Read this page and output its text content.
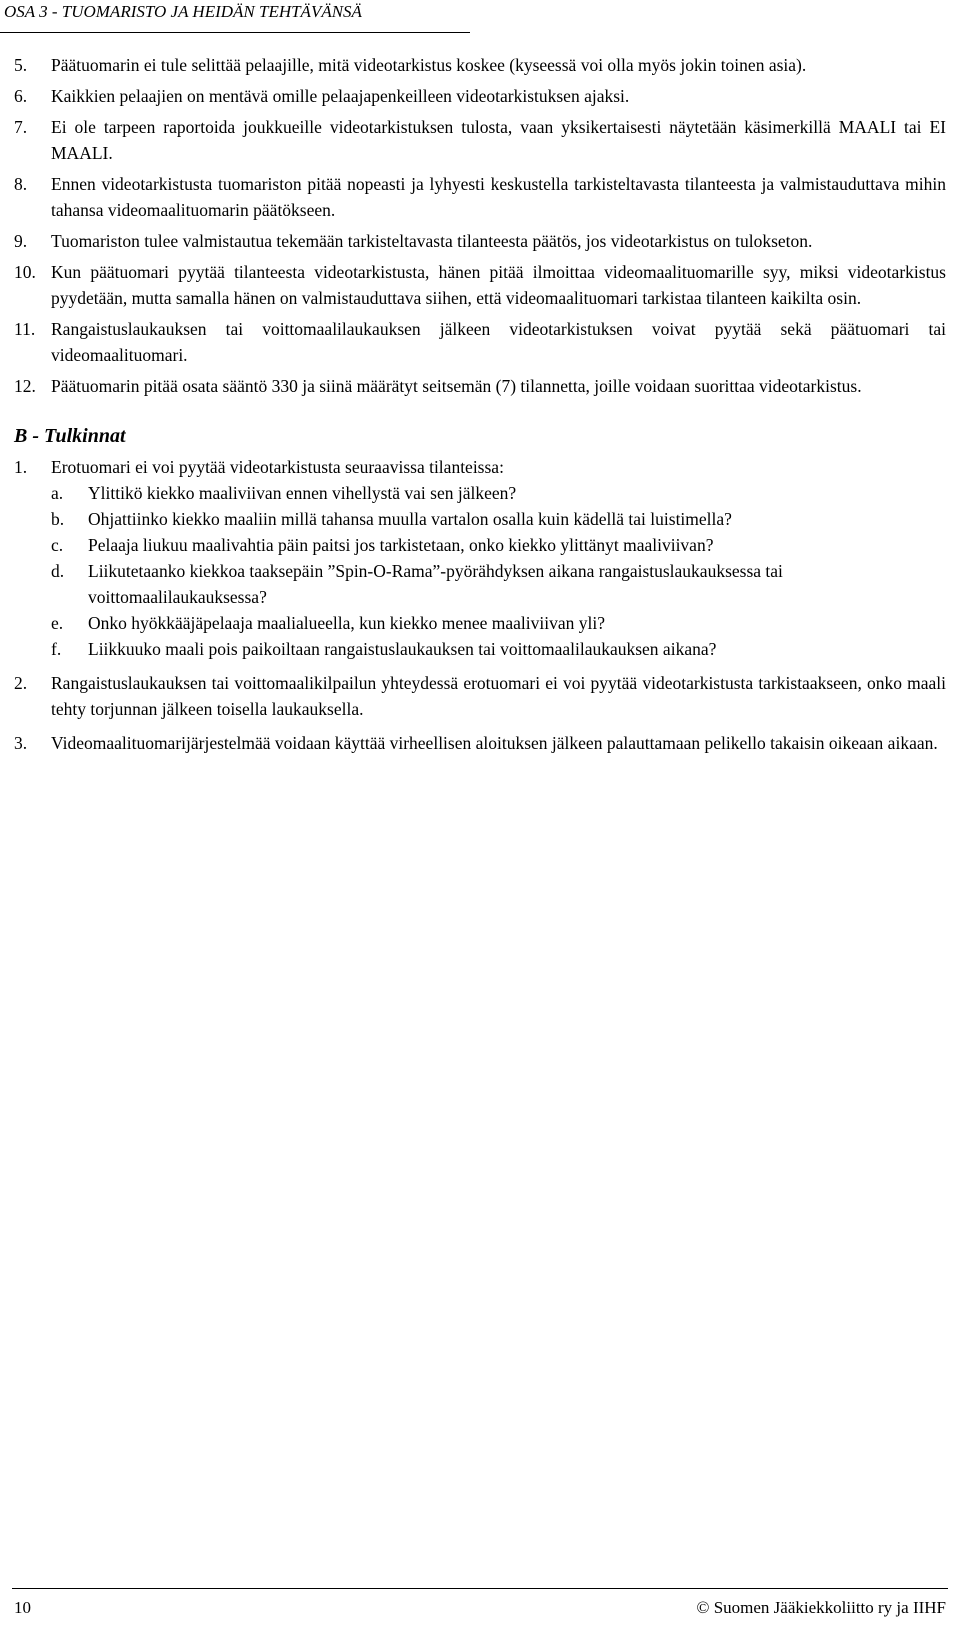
OSA 3 - TUOMARISTO JA HEIDÄN TEHTÄVÄNSÄ
5.	Päätuomarin ei tule selittää pelaajille, mitä videotarkistus koskee (kyseessä voi olla myös jokin toinen asia).
6.	Kaikkien pelaajien on mentävä omille pelaajapenkeilleen videotarkistuksen ajaksi.
7.	Ei ole tarpeen raportoida joukkueille videotarkistuksen tulosta, vaan yksikertaisesti näytetään käsimerkillä MAALI tai EI MAALI.
8.	Ennen videotarkistusta tuomariston pitää nopeasti ja lyhyesti keskustella tarkisteltavasta tilanteesta ja valmistauduttava mihin tahansa videomaalituomarin päätökseen.
9.	Tuomariston tulee valmistautua tekemään tarkisteltavasta tilanteesta päätös, jos videotarkistus on tulokseton.
10. Kun päätuomari pyytää tilanteesta videotarkistusta, hänen pitää ilmoittaa videomaalituomarille syy, miksi videotarkistus pyydetään, mutta samalla hänen on valmistauduttava siihen, että videomaalituomari tarkistaa tilanteen kaikilta osin.
11. Rangaistuslaukauksen tai voittomaalilaukauksen jälkeen videotarkistuksen voivat pyytää sekä päätuomari tai videomaalituomari.
12. Päätuomarin pitää osata sääntö 330 ja siinä määrätyt seitsemän (7) tilannetta, joille voidaan suorittaa videotarkistus.
B - Tulkinnat
1.	Erotuomari ei voi pyytää videotarkistusta seuraavissa tilanteissa:
a.	Ylittikö kiekko maaliviivan ennen vihellystä vai sen jälkeen?
b.	Ohjattiinko kiekko maaliin millä tahansa muulla vartalon osalla kuin kädellä tai luistimella?
c.	Pelaaja liukuu maalivahtia päin paitsi jos tarkistetaan, onko kiekko ylittänyt maaliviivan?
d.	Liikutetaanko kiekkoa taaksepäin ”Spin-O-Rama”-pyörähdyksen aikana rangaistuslaukauksessa tai voittomaalilaukauksessa?
e.	Onko hyökkääjäpelaaja maalialueella, kun kiekko menee maaliviivan yli?
f.	Liikkuuko maali pois paikoiltaan rangaistuslaukauksen tai voittomaalilaukauksen aikana?
2.	Rangaistuslaukauksen tai voittomaalikilpailun yhteydessä erotuomari ei voi pyytää videotarkistusta tarkistaakseen, onko maali tehty torjunnan jälkeen toisella laukauksella.
3.	Videomaalituomarijärjestelmää voidaan käyttää virheellisen aloituksen jälkeen palauttamaan pelikello takaisin oikeaan aikaan.
10	© Suomen Jääkiekkoliitto ry ja IIHF
